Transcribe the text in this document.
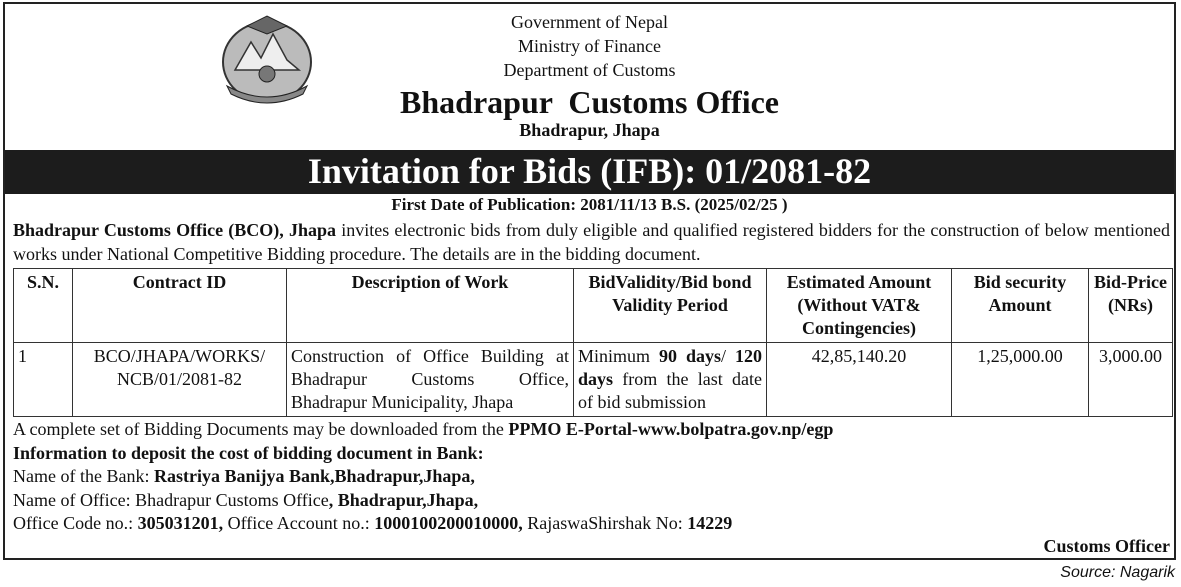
Government of Nepal
Ministry of Finance
Department of Customs
Bhadrapur  Customs Office
Bhadrapur, Jhapa
Invitation for Bids (IFB): 01/2081-82
First Date of Publication: 2081/11/13 B.S. (2025/02/25 )
Bhadrapur Customs Office (BCO), Jhapa invites electronic bids from duly eligible and qualified registered bidders for the construction of below mentioned works under National Competitive Bidding procedure. The details are in the bidding document.
S.N.	Contract ID	Description of Work	BidValidity/Bid bond Validity Period	Estimated Amount (Without VAT& Contingencies)	Bid security Amount	Bid-Price (NRs)
1	BCO/JHAPA/WORKS/ NCB/01/2081-82	Construction of Office Building at Bhadrapur Customs Office, Bhadrapur Municipality, Jhapa	Minimum 90 days/ 120 days from the last date of bid submission	42,85,140.20	1,25,000.00	3,000.00
A complete set of Bidding Documents may be downloaded from the PPMO E-Portal-www.bolpatra.gov.np/egp
Information to deposit the cost of bidding document in Bank:
Name of the Bank: Rastriya Banijya Bank,Bhadrapur,Jhapa,
Name of Office: Bhadrapur Customs Office, Bhadrapur,Jhapa,
Office Code no.: 305031201, Office Account no.: 1000100200010000, RajaswaShirshak No: 14229
Customs Officer
Source: Nagarik
